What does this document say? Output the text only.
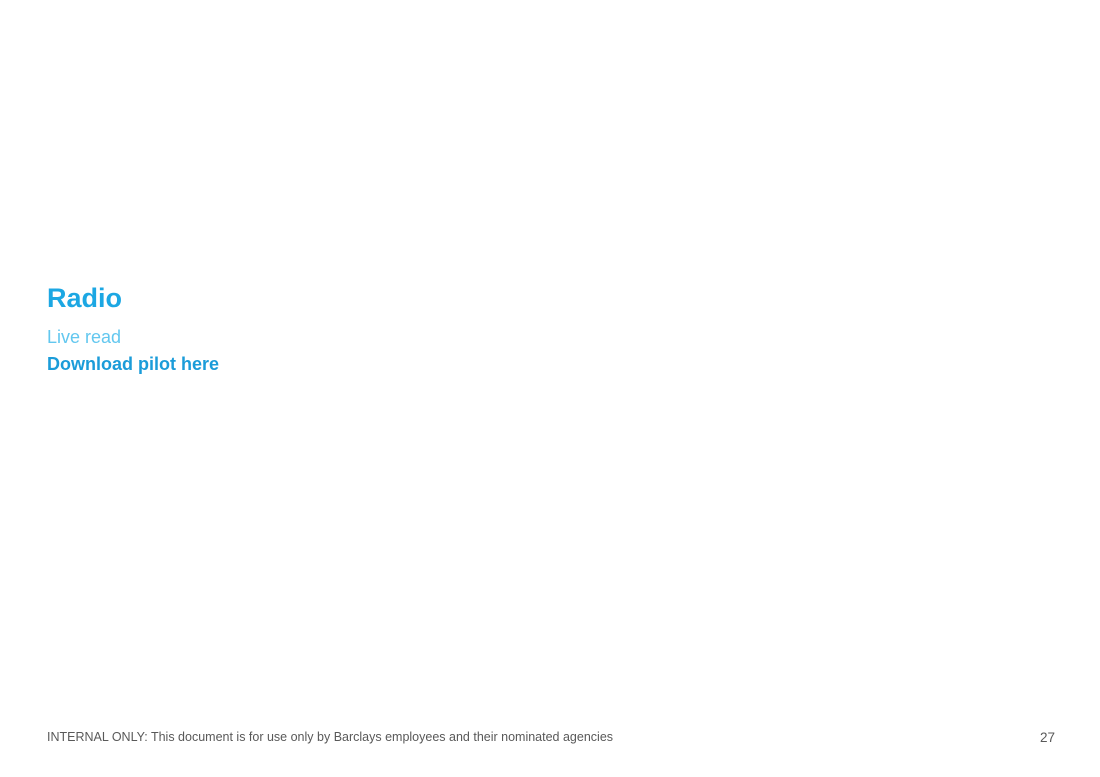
Radio
Live read
Download pilot here
INTERNAL ONLY: This document is for use only by Barclays employees and their nominated agencies	27
